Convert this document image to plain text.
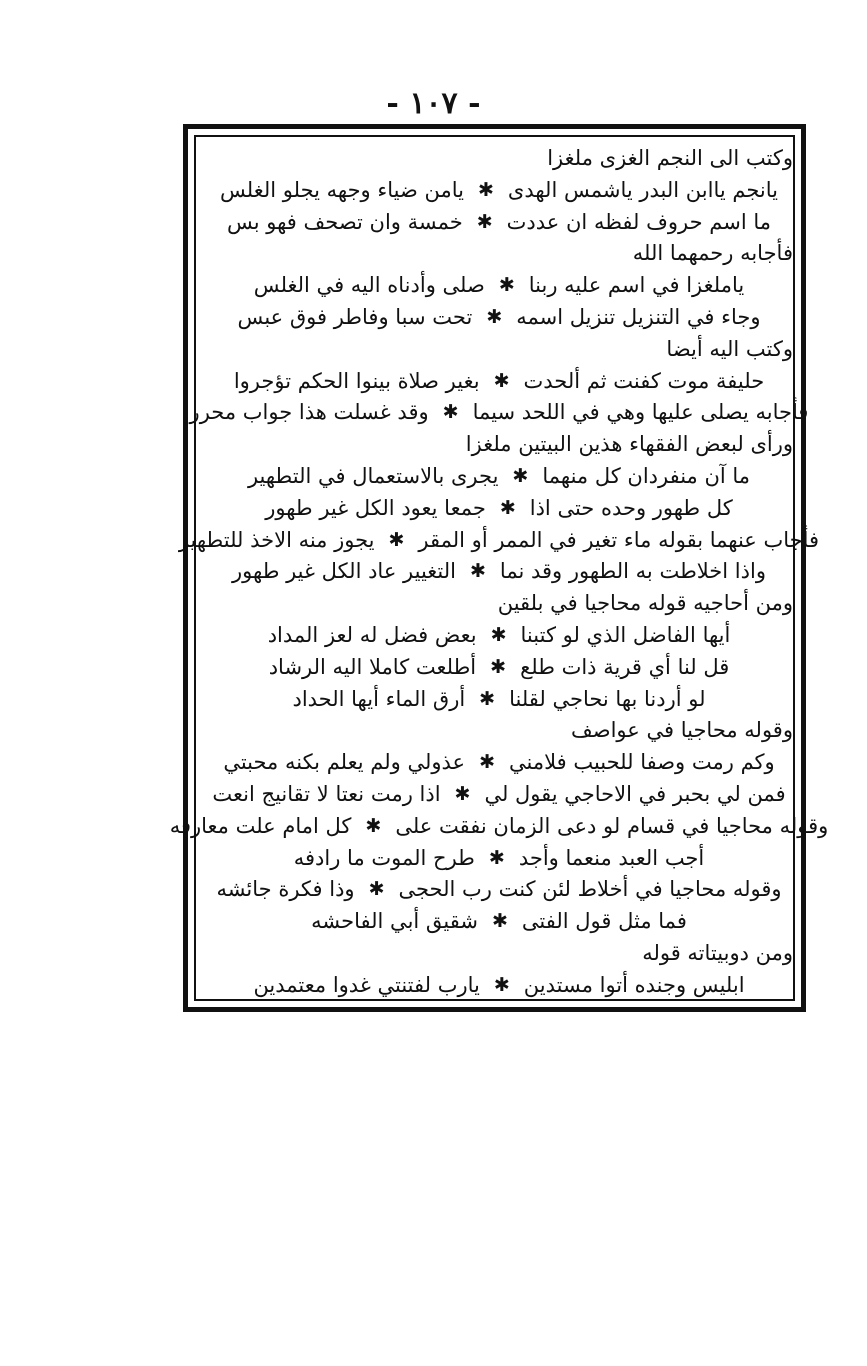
- ١٠٧ -
وكتب الى النجم الغزى ملغزا
يانجم ياابن البدر ياشمس الهدى
✱
يامن ضياء وجهه يجلو الغلس
ما اسم حروف لفظه ان عددت
✱
خمسة وان تصحف فهو بس
فأجابه رحمهما الله
ياملغزا في اسم عليه ربنا
✱
صلى وأدناه اليه في الغلس
وجاء في التنزيل تنزيل اسمه
✱
تحت سبا وفاطر فوق عبس
وكتب اليه أيضا
حليفة موت كفنت ثم ألحدت
✱
بغير صلاة بينوا الحكم تؤجروا
فأجابه يصلى عليها وهي في اللحد سيما
✱
وقد غسلت هذا جواب محرر
ورأى لبعض الفقهاء هذين البيتين ملغزا
ما آن منفردان كل منهما
✱
يجرى بالاستعمال في التطهير
كل طهور وحده حتى اذا
✱
جمعا يعود الكل غير طهور
فأجاب عنهما بقوله ماء تغير في الممر أو المقر
✱
يجوز منه الاخذ للتطهير
واذا اخلاطت به الطهور وقد نما
✱
التغيير عاد الكل غير طهور
ومن أحاجيه قوله محاجيا في بلقين
أيها الفاضل الذي لو كتبنا
✱
بعض فضل له لعز المداد
قل لنا أي قرية ذات طلع
✱
أطلعت كاملا اليه الرشاد
لو أردنا بها نحاجي لقلنا
✱
أرق الماء أيها الحداد
وقوله محاجيا في عواصف
وكم رمت وصفا للحبيب فلامني
✱
عذولي ولم يعلم بكنه محبتي
فمن لي بحبر في الاحاجي يقول لي
✱
اذا رمت نعتا لا تقانيج انعت
وقوله محاجيا في قسام لو دعى الزمان نفقت على
✱
كل امام علت معارفه
أجب العبد منعما وأجد
✱
طرح الموت ما رادفه
وقوله محاجيا في أخلاط لئن كنت رب الحجى
✱
وذا فكرة جائشه
فما مثل قول الفتى
✱
شقيق أبي الفاحشه
ومن دوبيتاته قوله
ابليس وجنده أتوا مستدين
✱
يارب لفتنتي غدوا معتمدين
